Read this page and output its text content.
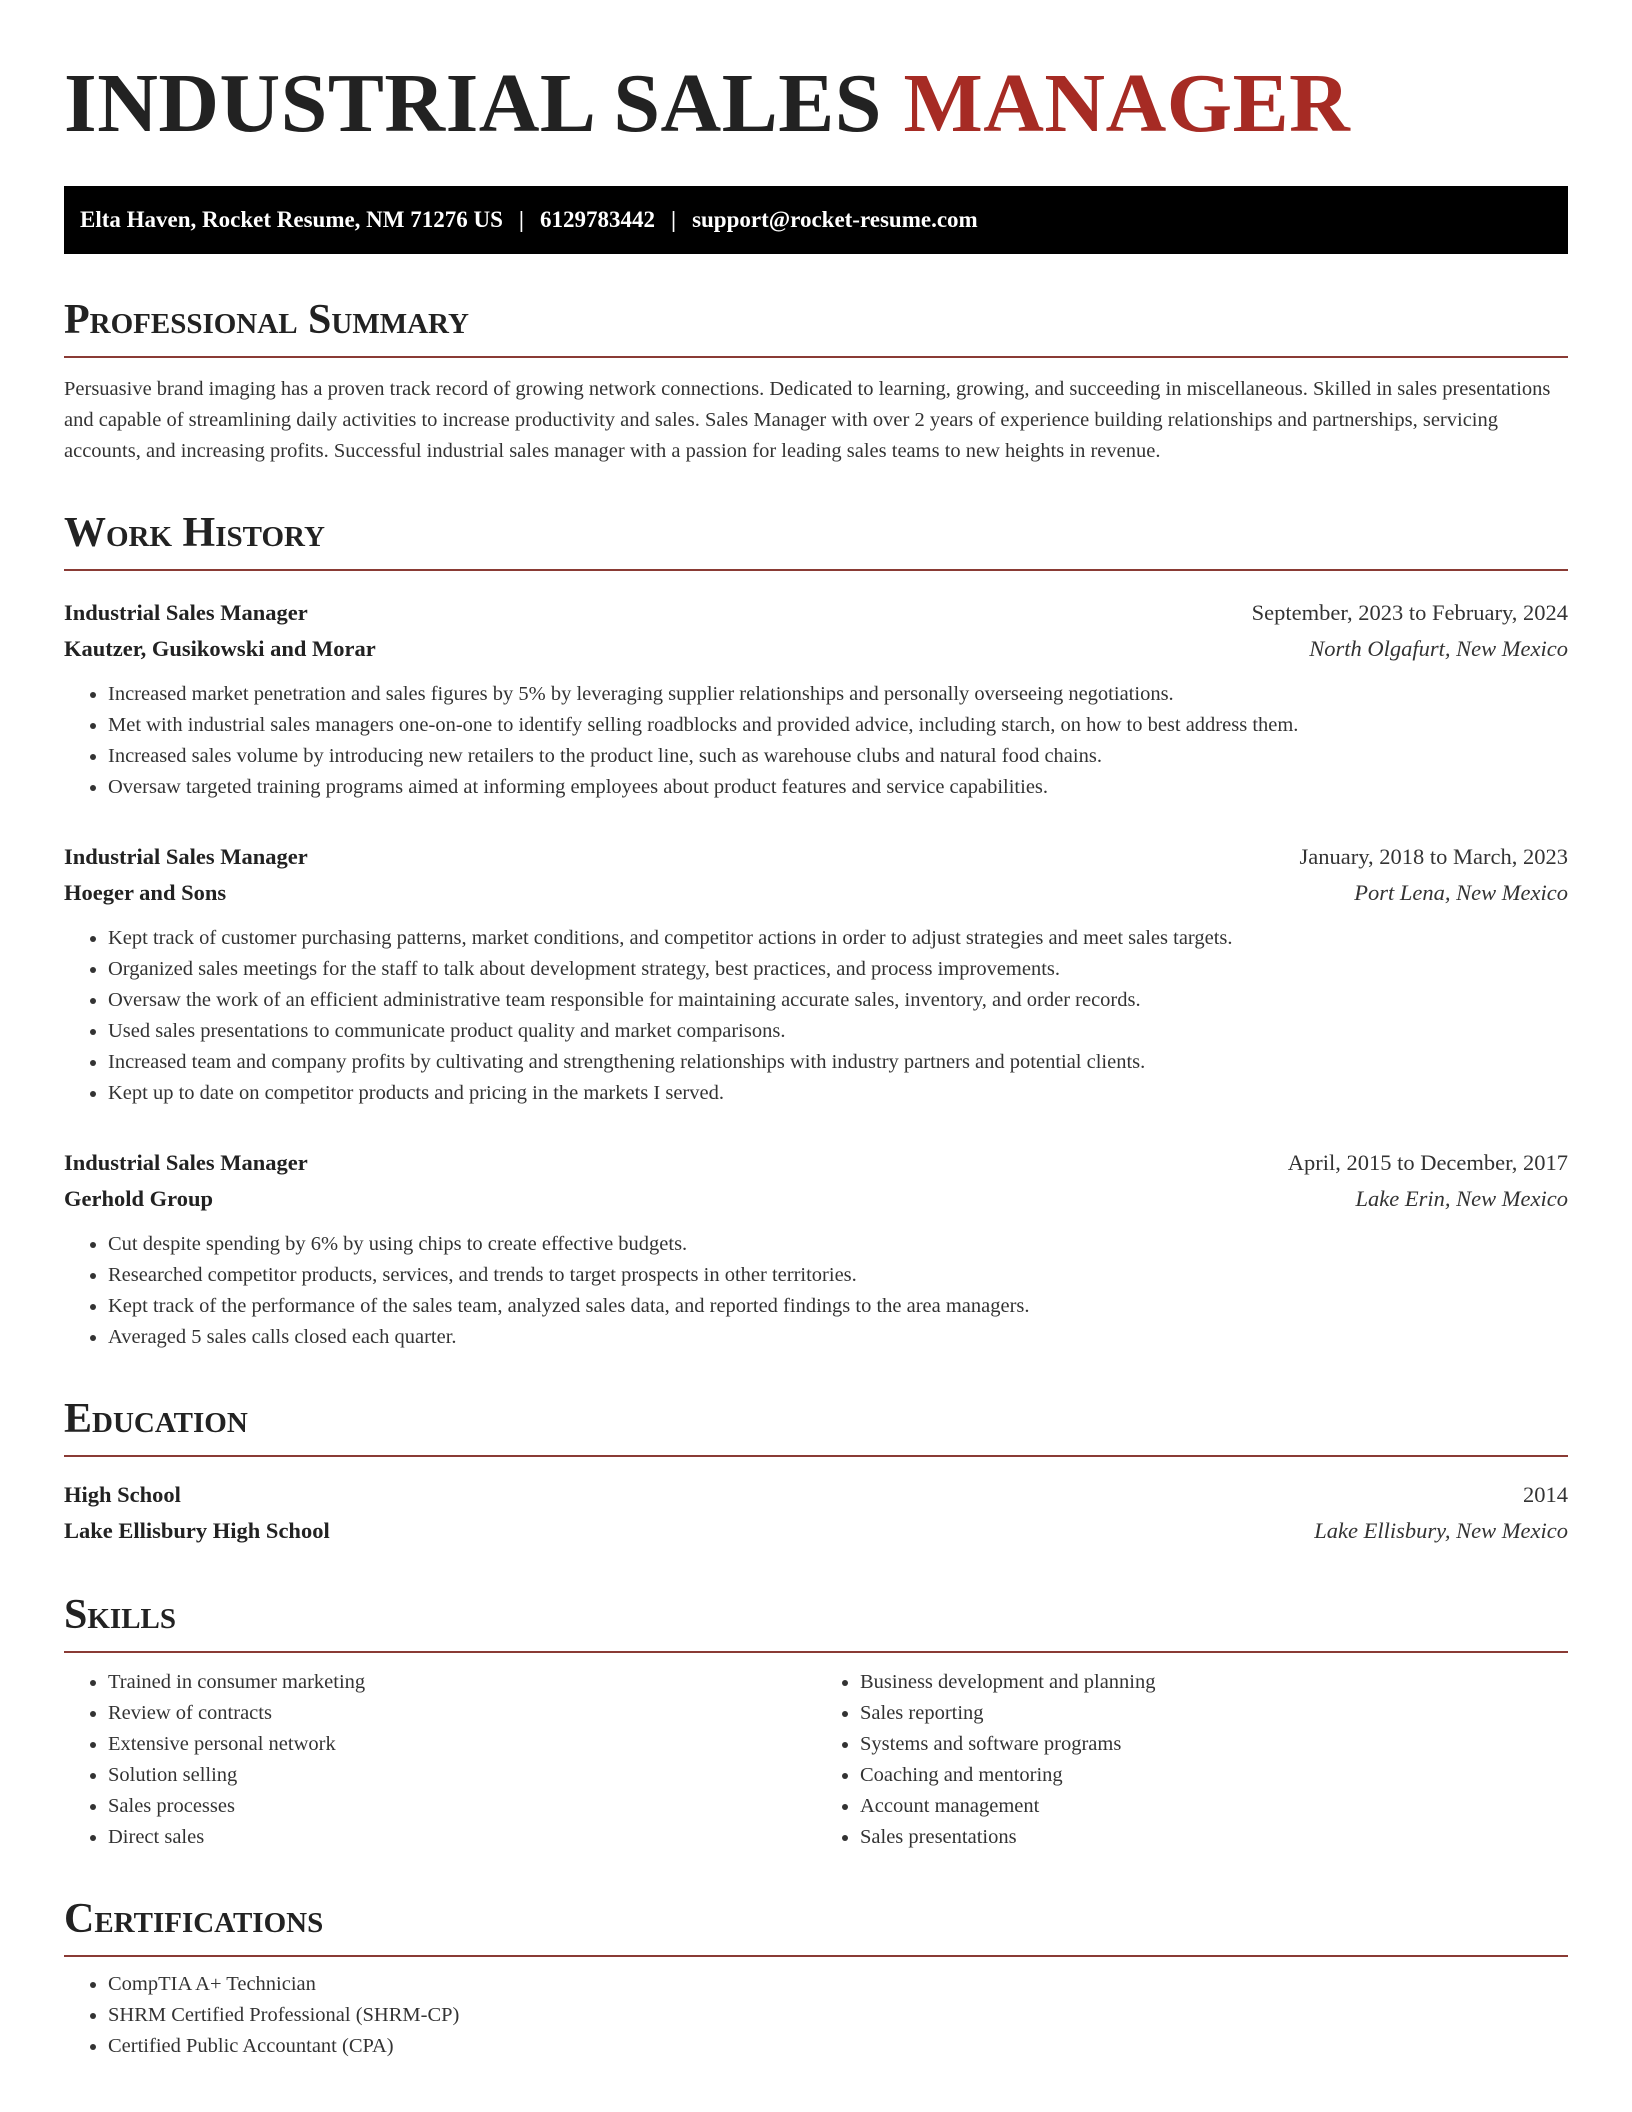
INDUSTRIAL SALES MANAGER
Elta Haven, Rocket Resume, NM 71276 US | 6129783442 | support@rocket-resume.com
Professional Summary

Persuasive brand imaging has a proven track record of growing network connections. Dedicated to learning, growing, and succeeding in miscellaneous. Skilled in sales presentations and capable of streamlining daily activities to increase productivity and sales. Sales Manager with over 2 years of experience building relationships and partnerships, servicing accounts, and increasing profits. Successful industrial sales manager with a passion for leading sales teams to new heights in revenue.

Work History
Industrial Sales Manager	September, 2023 to February, 2024
Kautzer, Gusikowski and Morar	North Olgafurt, New Mexico
• Increased market penetration and sales figures by 5% by leveraging supplier relationships and personally overseeing negotiations.
• Met with industrial sales managers one-on-one to identify selling roadblocks and provided advice, including starch, on how to best address them.
• Increased sales volume by introducing new retailers to the product line, such as warehouse clubs and natural food chains.
• Oversaw targeted training programs aimed at informing employees about product features and service capabilities.
Industrial Sales Manager	January, 2018 to March, 2023
Hoeger and Sons	Port Lena, New Mexico
• Kept track of customer purchasing patterns, market conditions, and competitor actions in order to adjust strategies and meet sales targets.
• Organized sales meetings for the staff to talk about development strategy, best practices, and process improvements.
• Oversaw the work of an efficient administrative team responsible for maintaining accurate sales, inventory, and order records.
• Used sales presentations to communicate product quality and market comparisons.
• Increased team and company profits by cultivating and strengthening relationships with industry partners and potential clients.
• Kept up to date on competitor products and pricing in the markets I served.
Industrial Sales Manager	April, 2015 to December, 2017
Gerhold Group	Lake Erin, New Mexico
• Cut despite spending by 6% by using chips to create effective budgets.
• Researched competitor products, services, and trends to target prospects in other territories.
• Kept track of the performance of the sales team, analyzed sales data, and reported findings to the area managers.
• Averaged 5 sales calls closed each quarter.
Education
High School	2014
Lake Ellisbury High School	Lake Ellisbury, New Mexico
Skills
• Trained in consumer marketing
• Review of contracts
• Extensive personal network
• Solution selling
• Sales processes
• Direct sales
• Business development and planning
• Sales reporting
• Systems and software programs
• Coaching and mentoring
• Account management
• Sales presentations
Certifications
• CompTIA A+ Technician
• SHRM Certified Professional (SHRM-CP)
• Certified Public Accountant (CPA)
